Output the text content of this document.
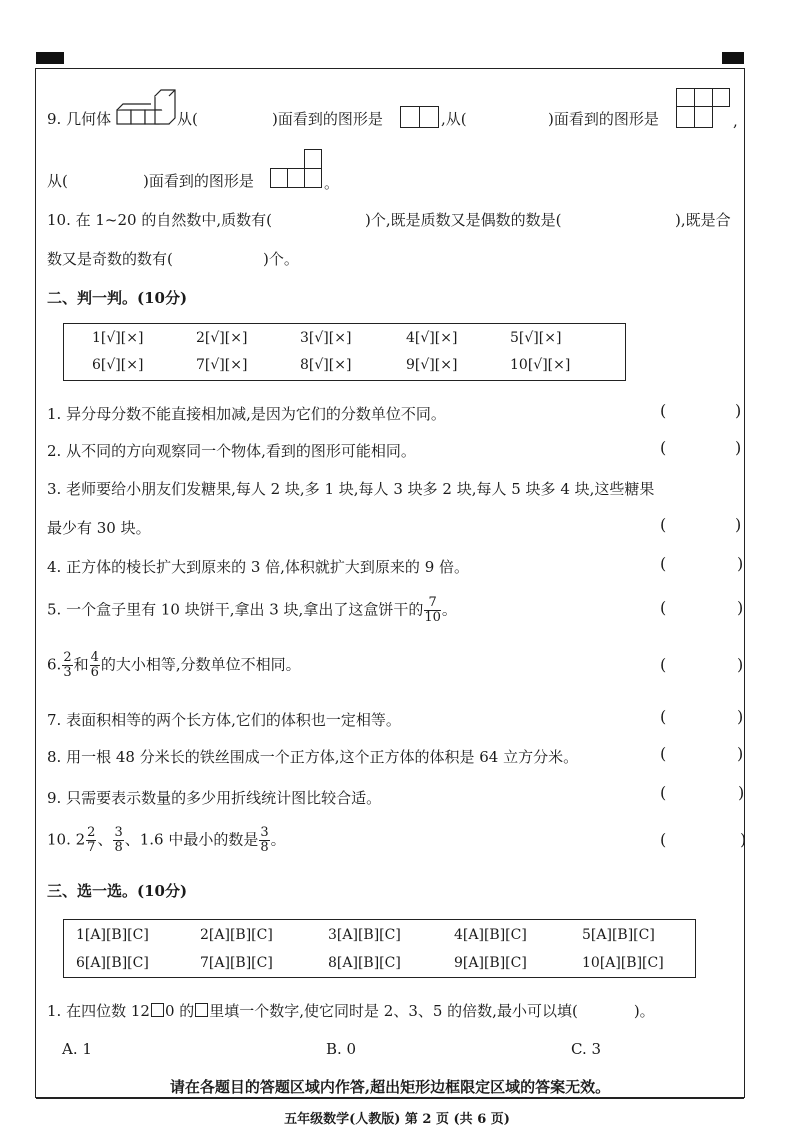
9. 几何体	从(	)面看到的图形是	,从(	)面看到的图形是	,
从(	)面看到的图形是	。
10. 在 1~20 的自然数中,质数有(	)个,既是质数又是偶数的数是(	),既是合
数又是奇数的数有(	)个。
二、判一判。(10分)
1[√][×]	2[√][×]	3[√][×]	4[√][×]	5[√][×]
6[√][×]	7[√][×]	8[√][×]	9[√][×]	10[√][×]
1. 异分母分数不能直接相加减,是因为它们的分数单位不同。	(	)
2. 从不同的方向观察同一个物体,看到的图形可能相同。	(	)
3. 老师要给小朋友们发糖果,每人 2 块,多 1 块,每人 3 块多 2 块,每人 5 块多 4 块,这些糖果
最少有 30 块。	(	)
4. 正方体的棱长扩大到原来的 3 倍,体积就扩大到原来的 9 倍。	(	)
5. 一个盒子里有 10 块饼干,拿出 3 块,拿出了这盒饼干的 $\frac{7}{10}$ 。	(	)
6. $\frac{2}{3}$ 和 $\frac{4}{6}$ 的大小相等,分数单位不相同。	(	)
7. 表面积相等的两个长方体,它们的体积也一定相等。	(	)
8. 用一根 48 分米长的铁丝围成一个正方体,这个正方体的体积是 64 立方分米。	(	)
9. 只需要表示数量的多少用折线统计图比较合适。	(	)
10. $2 \frac{2}{7}$ 、 $\frac{3}{8}$ 、1.6 中最小的数是 $\frac{3}{8}$ 。	(	)
三、选一选。(10分)
1[A][B][C]	2[A][B][C]	3[A][B][C]	4[A][B][C]	5[A][B][C]
6[A][B][C]	7[A][B][C]	8[A][B][C]	9[A][B][C]	10[A][B][C]
1. 在四位数 12 0 的 里填一个数字,使它同时是 2、3、5 的倍数,最小可以填(	)。
A. 1	B. 0	C. 3
请在各题目的答题区域内作答,超出矩形边框限定区域的答案无效。
五年级数学(人教版) 第 2 页 (共 6 页)
